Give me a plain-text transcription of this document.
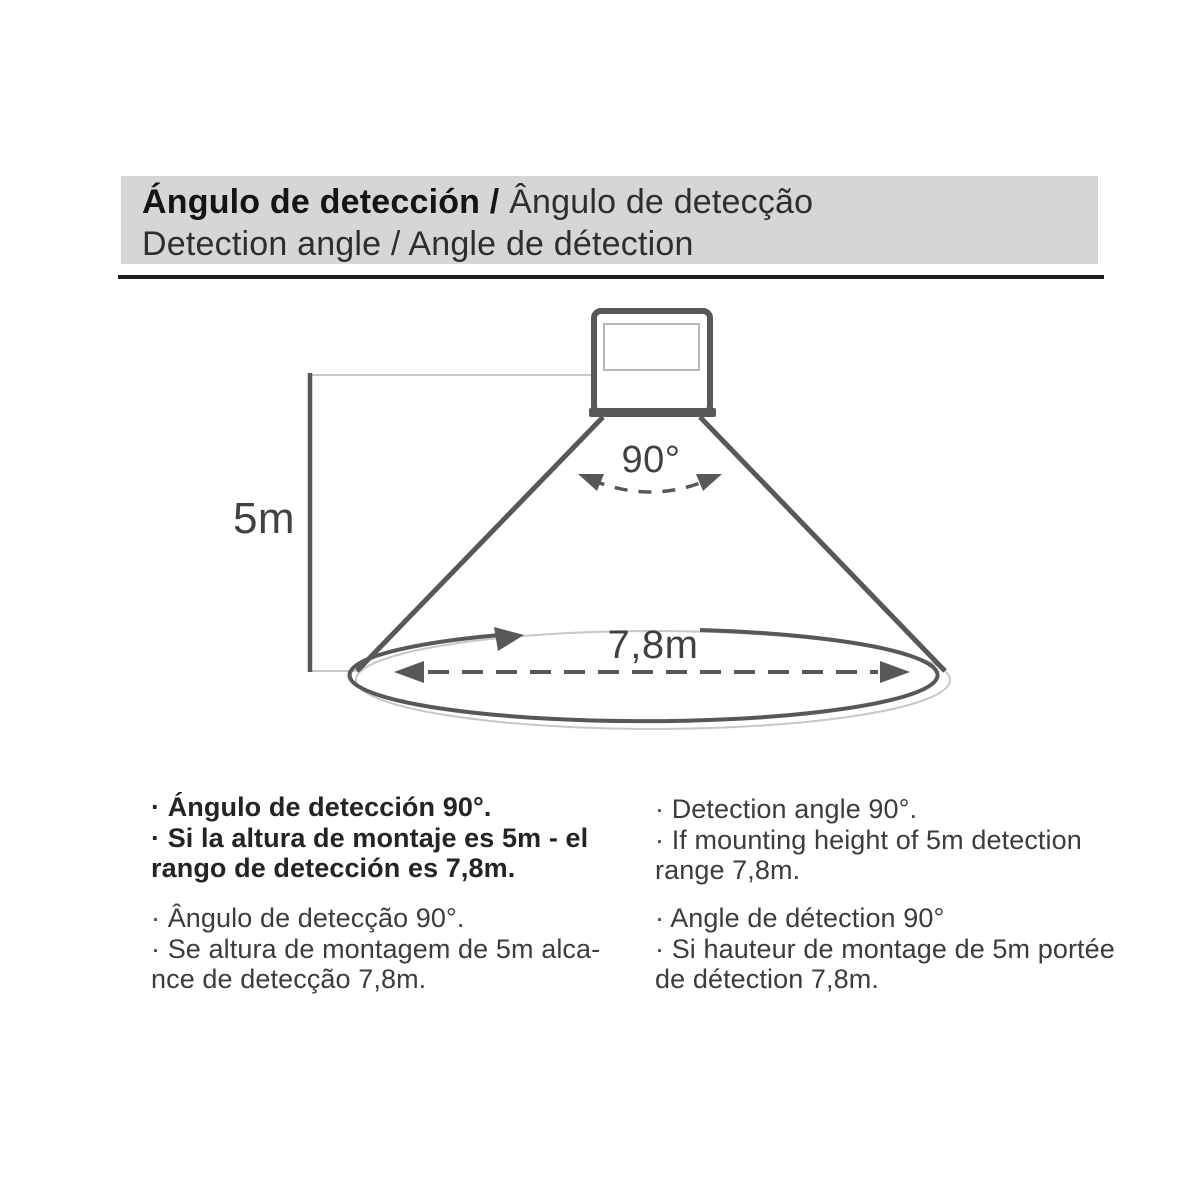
Ángulo de detección / Ângulo de detecção
Detection angle / Angle de détection
5m
90°
7,8m
· Ángulo de detección 90°.
· Si la altura de montaje es 5m - el
rango de detección es 7,8m.
· Detection angle 90°.
· If mounting height of 5m detection
range 7,8m.
· Ângulo de detecção 90°.
· Se altura de montagem de 5m alca-
nce de detecção 7,8m.
· Angle de détection 90°
· Si hauteur de montage de 5m portée
de détection 7,8m.
